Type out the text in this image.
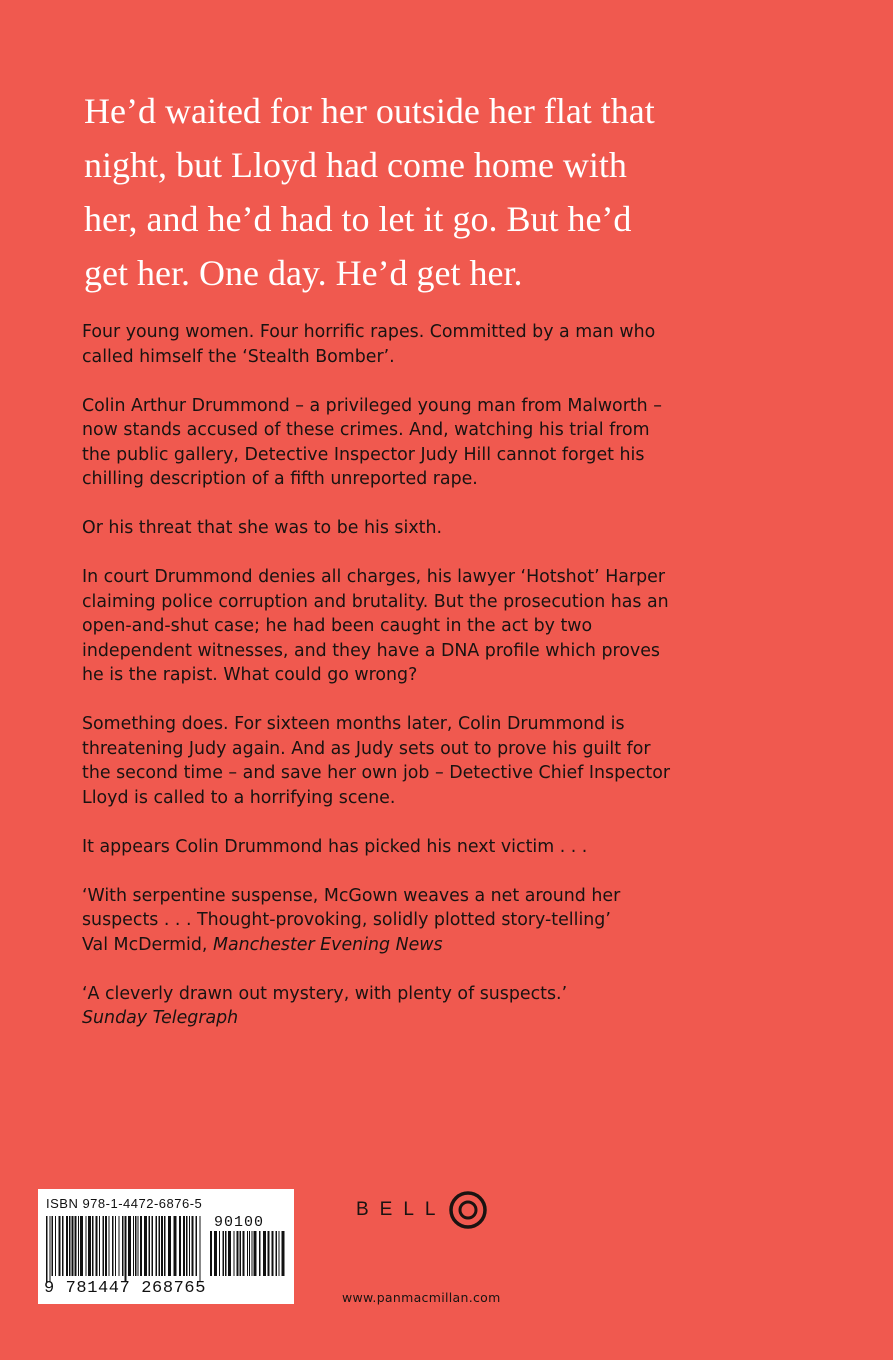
He’d waited for her outside her flat that
night, but Lloyd had come home with
her, and he’d had to let it go. But he’d
get her. One day. He’d get her.

Four young women. Four horrific rapes. Committed by a man who called himself the ‘Stealth Bomber’.

Colin Arthur Drummond – a privileged young man from Malworth – now stands accused of these crimes. And, watching his trial from the public gallery, Detective Inspector Judy Hill cannot forget his chilling description of a fifth unreported rape.

Or his threat that she was to be his sixth.

In court Drummond denies all charges, his lawyer ‘Hotshot’ Harper claiming police corruption and brutality. But the prosecution has an open-and-shut case; he had been caught in the act by two independent witnesses, and they have a DNA profile which proves he is the rapist. What could go wrong?

Something does. For sixteen months later, Colin Drummond is threatening Judy again. And as Judy sets out to prove his guilt for the second time – and save her own job – Detective Chief Inspector Lloyd is called to a horrifying scene.

It appears Colin Drummond has picked his next victim . . .

‘With serpentine suspense, McGown weaves a net around her suspects . . . Thought-provoking, solidly plotted story-telling’
Val McDermid, Manchester Evening News

‘A cleverly drawn out mystery, with plenty of suspects.’
Sunday Telegraph

ISBN 978-1-4472-6876-5
90100
9 781447 268765
BELL
www.panmacmillan.com
